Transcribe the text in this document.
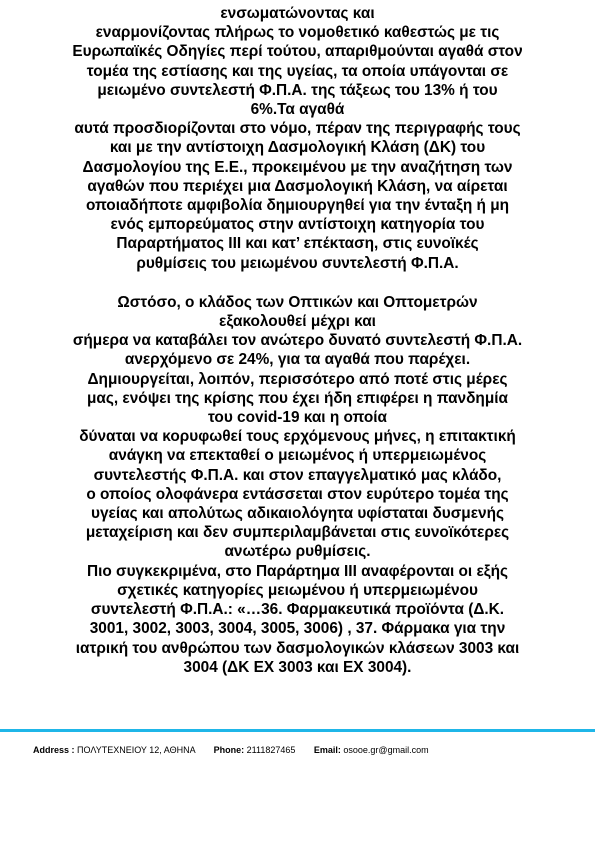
ενσωματώνοντας και
εναρμονίζοντας πλήρως το νομοθετικό καθεστώς με τις
Ευρωπαϊκές Οδηγίες περί τούτου, απαριθμούνται αγαθά στον
τομέα της εστίασης και της υγείας, τα οποία υπάγονται σε
μειωμένο συντελεστή Φ.Π.Α. της τάξεως του 13% ή του
6%.Τα αγαθά
αυτά προσδιορίζονται στο νόμο, πέραν της περιγραφής τους
και με την αντίστοιχη Δασμολογική Κλάση (ΔΚ) του
Δασμολογίου της Ε.Ε., προκειμένου με την αναζήτηση των
αγαθών που περιέχει μια Δασμολογική Κλάση, να αίρεται
οποιαδήποτε αμφιβολία δημιουργηθεί για την ένταξη ή μη
ενός εμπορεύματος στην αντίστοιχη κατηγορία του
Παραρτήματος ΙΙΙ και κατ’ επέκταση, στις ευνοϊκές
ρυθμίσεις του μειωμένου συντελεστή Φ.Π.Α.
Ωστόσο, ο κλάδος των Οπτικών και Οπτομετρών
εξακολουθεί μέχρι και
σήμερα να καταβάλει τον ανώτερο δυνατό συντελεστή Φ.Π.Α.
ανερχόμενο σε 24%, για τα αγαθά που παρέχει.
Δημιουργείται, λοιπόν, περισσότερο από ποτέ στις μέρες
μας, ενόψει της κρίσης που έχει ήδη επιφέρει η πανδημία
του covid-19 και η οποία
δύναται να κορυφωθεί τους ερχόμενους μήνες, η επιτακτική
ανάγκη να επεκταθεί ο μειωμένος ή υπερμειωμένος
συντελεστής Φ.Π.Α. και στον επαγγελματικό μας κλάδο,
ο οποίος ολοφάνερα εντάσσεται στον ευρύτερο τομέα της
υγείας και απολύτως αδικαιολόγητα υφίσταται δυσμενής
μεταχείριση και δεν συμπεριλαμβάνεται στις ευνοϊκότερες
ανωτέρω ρυθμίσεις.
Πιο συγκεκριμένα, στο Παράρτημα ΙΙΙ αναφέρονται οι εξής
σχετικές κατηγορίες μειωμένου ή υπερμειωμένου
συντελεστή Φ.Π.Α.: «…36. Φαρμακευτικά προϊόντα (Δ.Κ.
3001, 3002, 3003, 3004, 3005, 3006) , 37. Φάρμακα για την
ιατρική του ανθρώπου των δασμολογικών κλάσεων 3003 και
3004 (ΔΚ ΕΧ 3003 και ΕΧ 3004).
Address : ΠΟΛΥΤΕΧΝΕΙΟΥ 12, ΑΘΗΝΑ Phone: 2111827465 Email: osooe.gr@gmail.com
